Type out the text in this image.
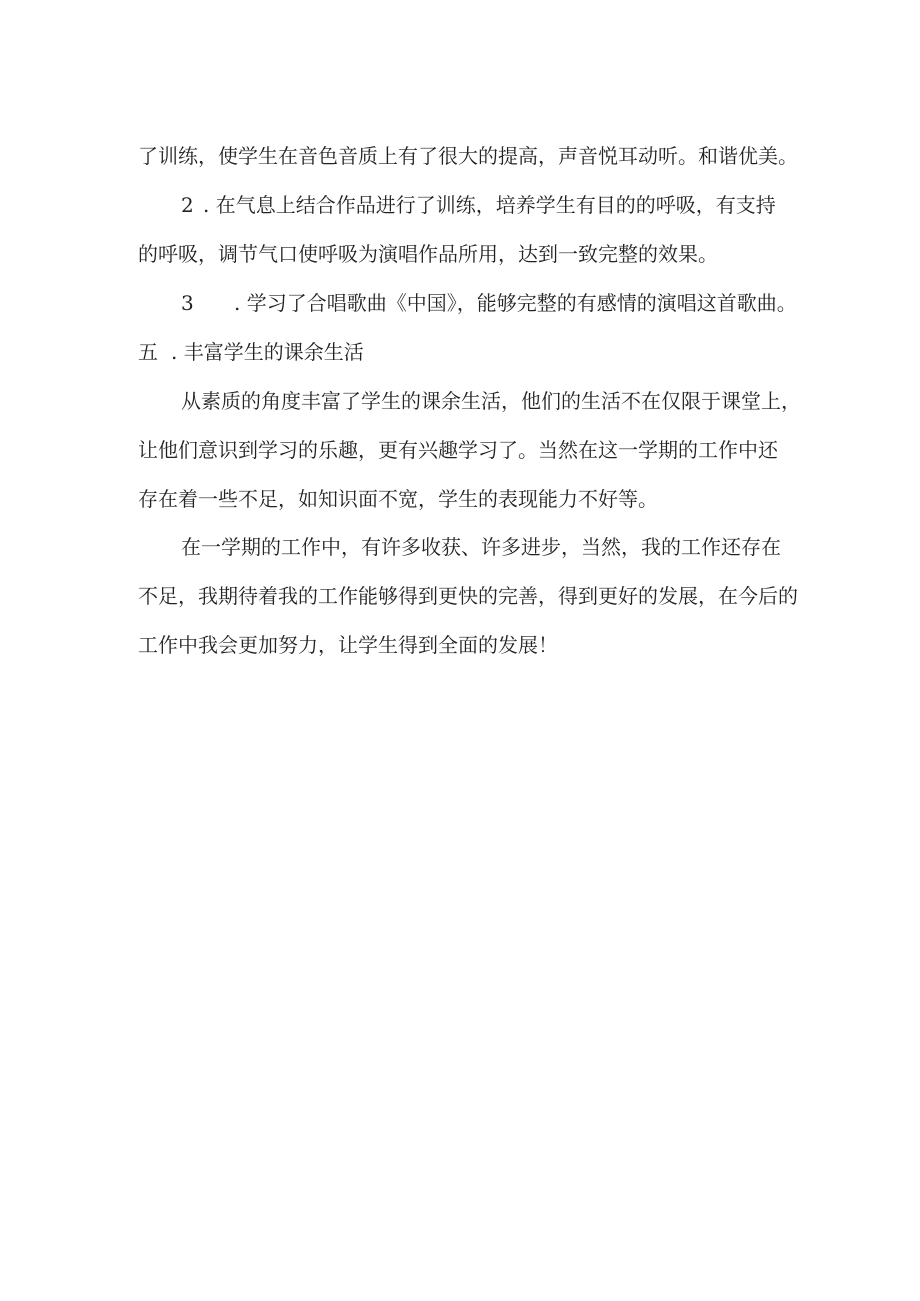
了训练，使学生在音色音质上有了很大的提高，声音悦耳动听。和谐优美。
2 . 在气息上结合作品进行了训练，培养学生有目的的呼吸，有支持
的呼吸，调节气口使呼吸为演唱作品所用，达到一致完整的效果。
3 . 学习了合唱歌曲《中国》，能够完整的有感情的演唱这首歌曲。
五 . 丰富学生的课余生活
从素质的角度丰富了学生的课余生活，他们的生活不在仅限于课堂上，
让他们意识到学习的乐趣，更有兴趣学习了。当然在这一学期的工作中还
存在着一些不足，如知识面不宽，学生的表现能力不好等。
在一学期的工作中，有许多收获、许多进步，当然，我的工作还存在
不足，我期待着我的工作能够得到更快的完善，得到更好的发展，在今后的
工作中我会更加努力，让学生得到全面的发展！
